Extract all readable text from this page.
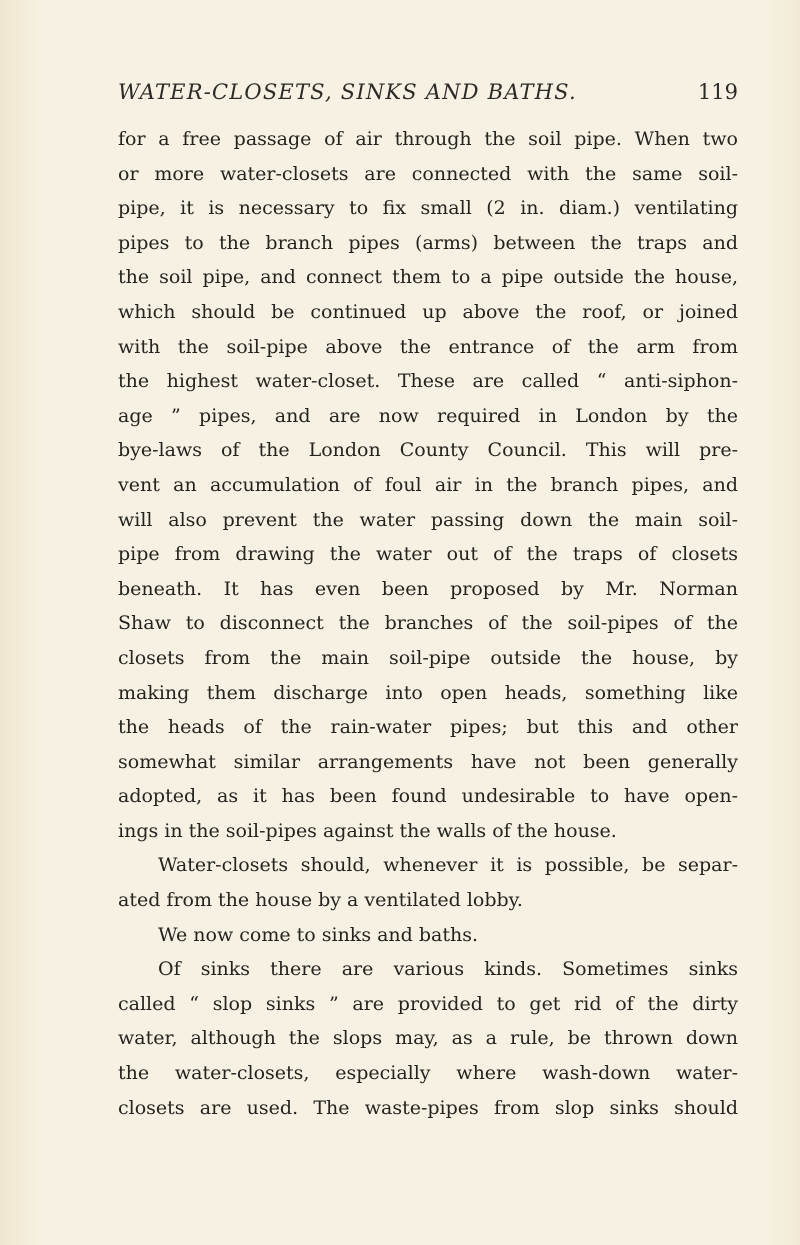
WATER-CLOSETS, SINKS AND BATHS.	119
for a free passage of air through the soil pipe. When two
or more water-closets are connected with the same soil-
pipe, it is necessary to fix small (2 in. diam.) ventilating
pipes to the branch pipes (arms) between the traps and
the soil pipe, and connect them to a pipe outside the house,
which should be continued up above the roof, or joined
with the soil-pipe above the entrance of the arm from
the highest water-closet. These are called “ anti-siphon-
age ” pipes, and are now required in London by the
bye-laws of the London County Council. This will pre-
vent an accumulation of foul air in the branch pipes, and
will also prevent the water passing down the main soil-
pipe from drawing the water out of the traps of closets
beneath. It has even been proposed by Mr. Norman
Shaw to disconnect the branches of the soil-pipes of the
closets from the main soil-pipe outside the house, by
making them discharge into open heads, something like
the heads of the rain-water pipes; but this and other
somewhat similar arrangements have not been generally
adopted, as it has been found undesirable to have open-
ings in the soil-pipes against the walls of the house.
Water-closets should, whenever it is possible, be separ-
ated from the house by a ventilated lobby.
We now come to sinks and baths.
Of sinks there are various kinds. Sometimes sinks
called “ slop sinks ” are provided to get rid of the dirty
water, although the slops may, as a rule, be thrown down
the water-closets, especially where wash-down water-
closets are used. The waste-pipes from slop sinks should
